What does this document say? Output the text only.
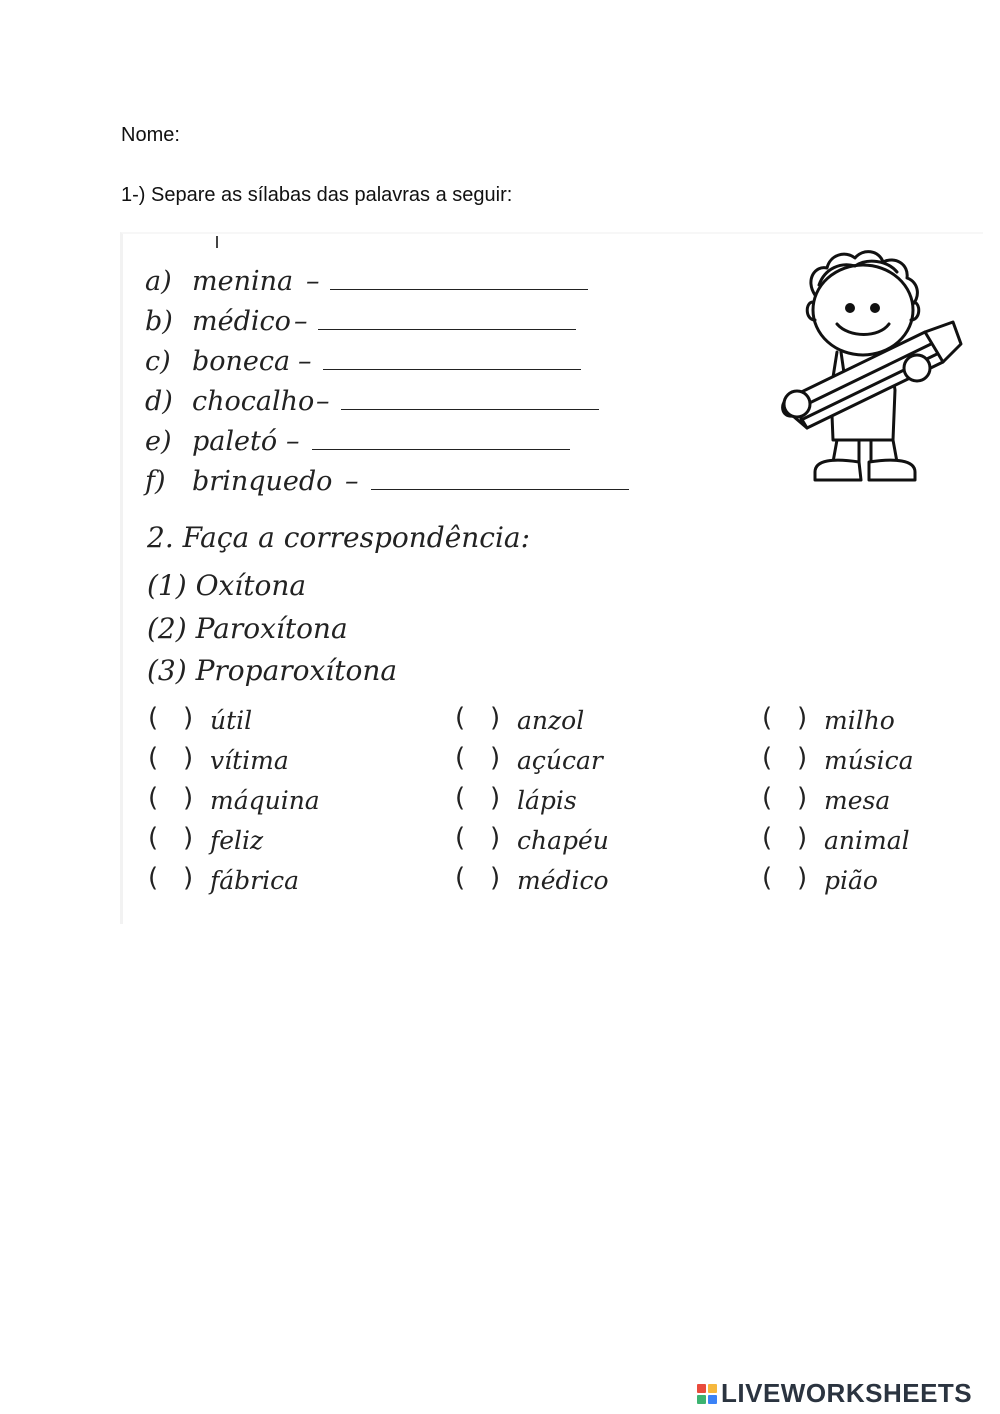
Nome:
1-) Separe as sílabas das palavras a seguir:
a) menina –
b) médico –
c) boneca –
d) chocalho –
e) paletó –
f) brinquedo –
2. Faça a correspondência:
(1) Oxítona
(2) Paroxítona
(3) Proparoxítona
(   ) útil
(   ) vítima
(   ) máquina
(   ) feliz
(   ) fábrica
(   ) anzol
(   ) açúcar
(   ) lápis
(   ) chapéu
(   ) médico
(   ) milho
(   ) música
(   ) mesa
(   ) animal
(   ) pião
LIVEWORKSHEETS
